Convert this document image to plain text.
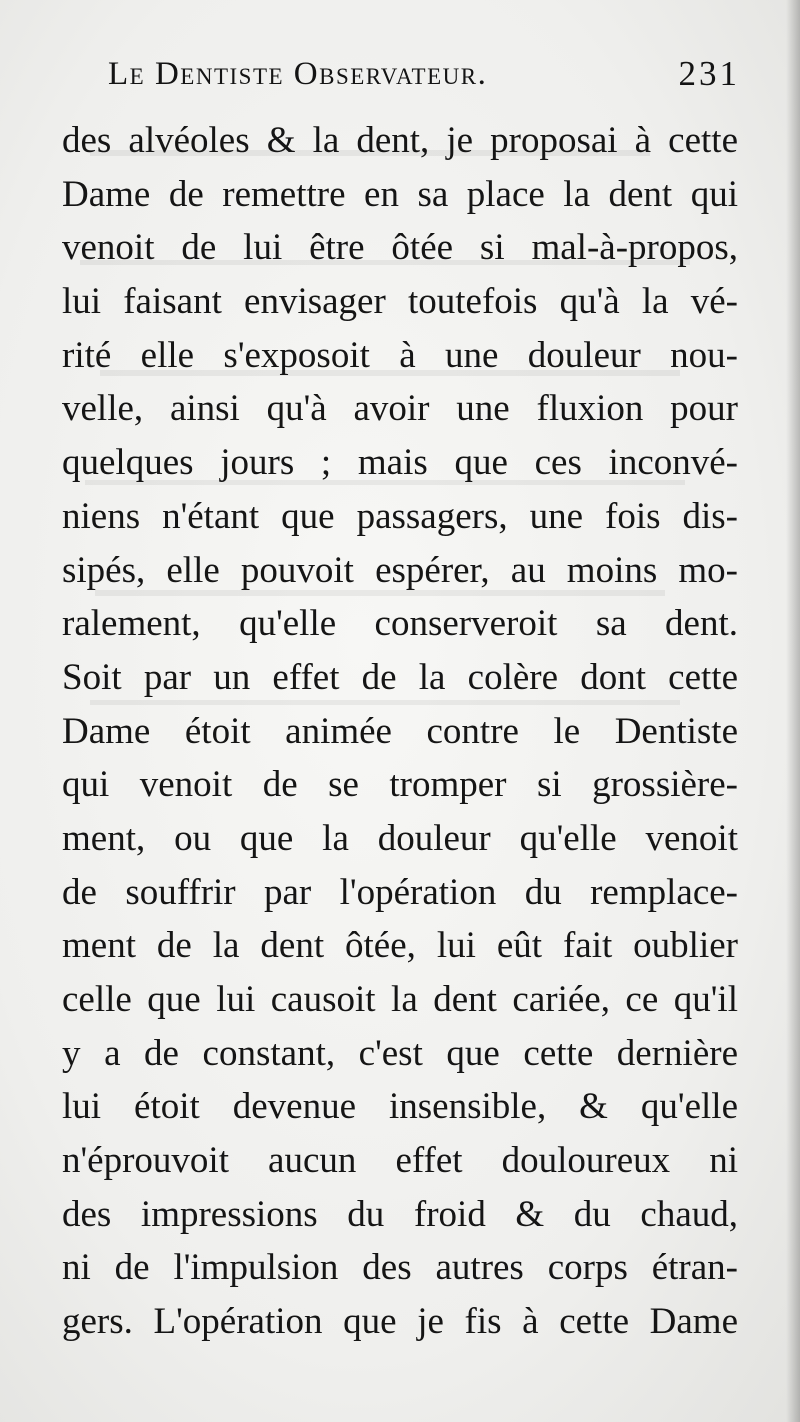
Le Dentiste Observateur.	231
des alvéoles & la dent, je proposai à cette
Dame de remettre en sa place la dent qui
venoit de lui être ôtée si mal-à-propos,
lui faisant envisager toutefois qu'à la vé-
rité elle s'exposoit à une douleur nou-
velle, ainsi qu'à avoir une fluxion pour
quelques jours ; mais que ces inconvé-
niens n'étant que passagers, une fois dis-
sipés, elle pouvoit espérer, au moins mo-
ralement, qu'elle conserveroit sa dent.
Soit par un effet de la colère dont cette
Dame étoit animée contre le Dentiste
qui venoit de se tromper si grossière-
ment, ou que la douleur qu'elle venoit
de souffrir par l'opération du remplace-
ment de la dent ôtée, lui eût fait oublier
celle que lui causoit la dent cariée, ce qu'il
y a de constant, c'est que cette dernière
lui étoit devenue insensible, & qu'elle
n'éprouvoit aucun effet douloureux ni
des impressions du froid & du chaud,
ni de l'impulsion des autres corps étran-
gers. L'opération que je fis à cette Dame
